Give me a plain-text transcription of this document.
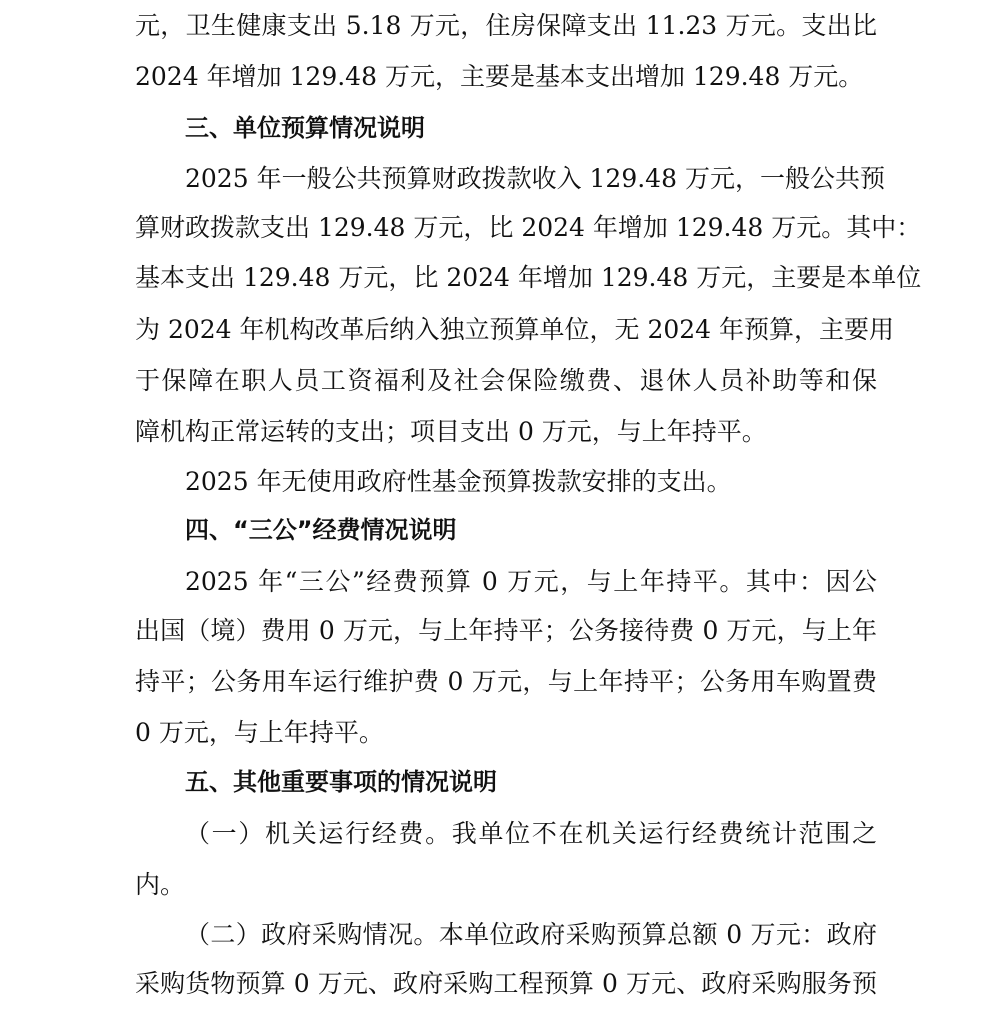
元，卫生健康支出 5.18 万元，住房保障支出 11.23 万元。支出比

2024 年增加 129.48 万元，主要是基本支出增加 129.48 万元。

三、单位预算情况说明

2025 年一般公共预算财政拨款收入 129.48 万元，一般公共预

算财政拨款支出 129.48 万元，比 2024 年增加 129.48 万元。其中：

基本支出 129.48 万元，比 2024 年增加 129.48 万元，主要是本单位

为 2024 年机构改革后纳入独立预算单位，无 2024 年预算，主要用

于保障在职人员工资福利及社会保险缴费、退休人员补助等和保

障机构正常运转的支出；项目支出 0 万元，与上年持平。

2025 年无使用政府性基金预算拨款安排的支出。

四、“三公”经费情况说明

2025 年“三公”经费预算 0 万元，与上年持平。其中：因公

出国（境）费用 0 万元，与上年持平；公务接待费 0 万元，与上年

持平；公务用车运行维护费 0 万元，与上年持平；公务用车购置费

0 万元，与上年持平。

五、其他重要事项的情况说明

（一）机关运行经费。我单位不在机关运行经费统计范围之

内。

（二）政府采购情况。本单位政府采购预算总额 0 万元：政府

采购货物预算 0 万元、政府采购工程预算 0 万元、政府采购服务预
